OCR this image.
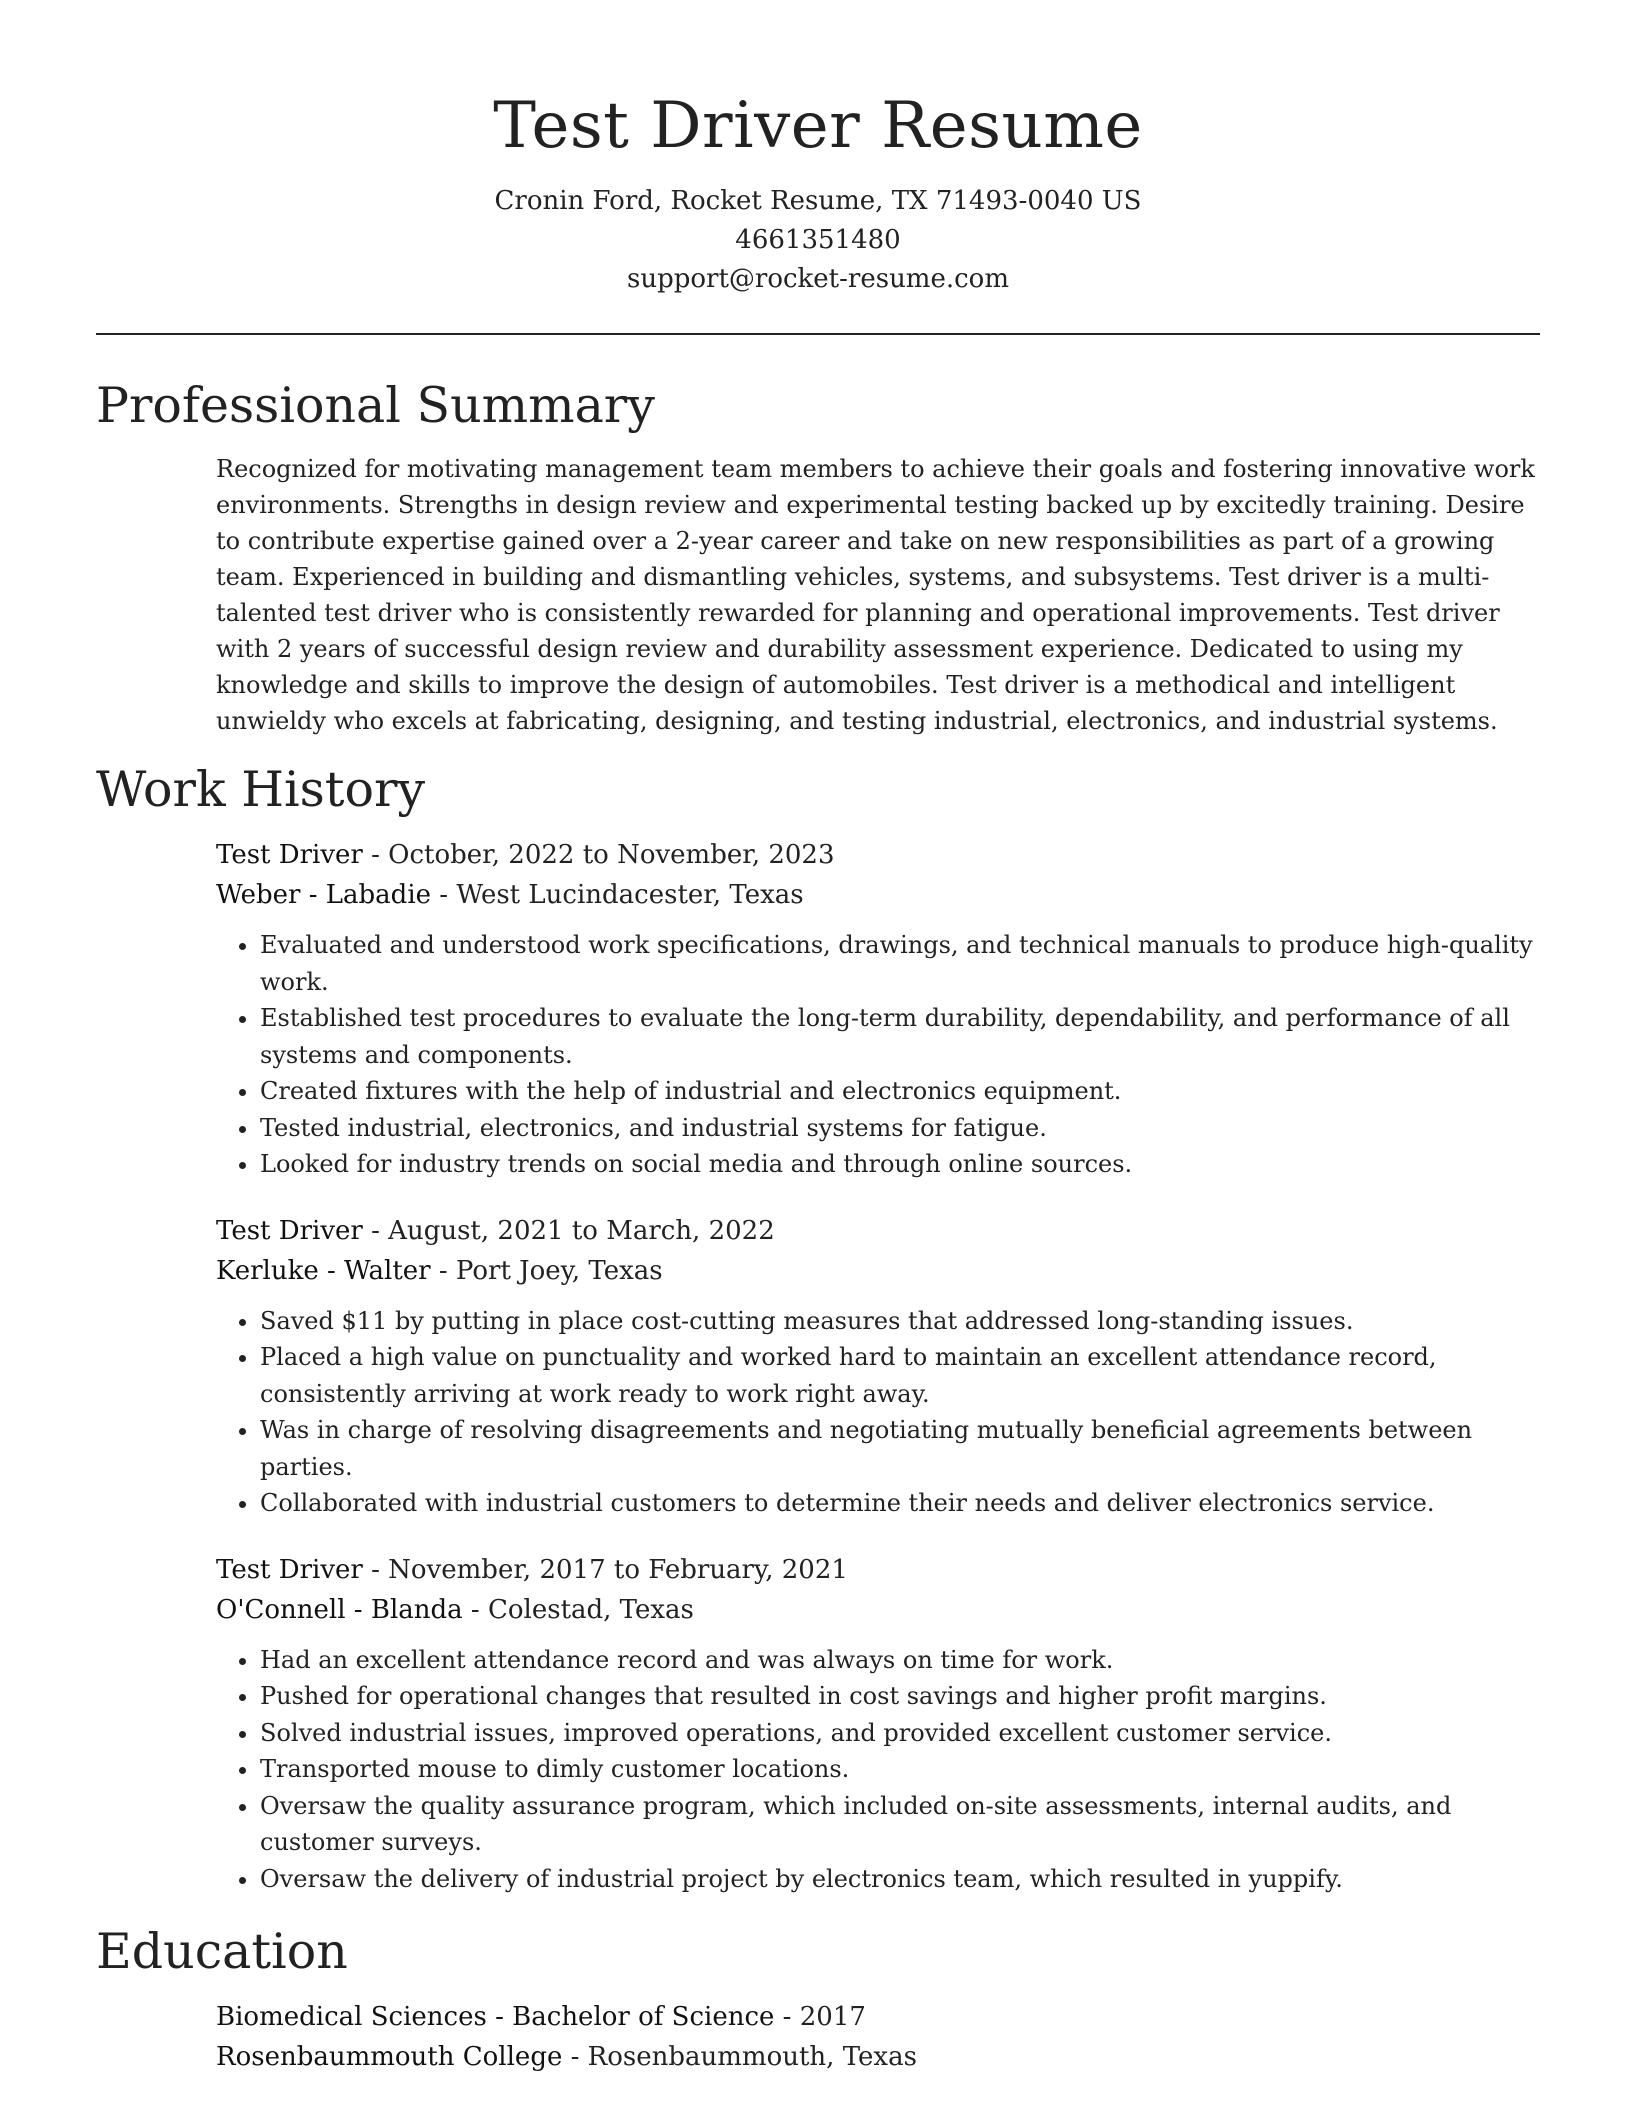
Test Driver Resume

Cronin Ford, Rocket Resume, TX 71493-0040 US

4661351480

support@rocket-resume.com

Professional Summary
Recognized for motivating management team members to achieve their goals and fostering innovative work environments. Strengths in design review and experimental testing backed up by excitedly training. Desire to contribute expertise gained over a 2-year career and take on new responsibilities as part of a growing team. Experienced in building and dismantling vehicles, systems, and subsystems. Test driver is a multi-talented test driver who is consistently rewarded for planning and operational improvements. Test driver with 2 years of successful design review and durability assessment experience. Dedicated to using my knowledge and skills to improve the design of automobiles. Test driver is a methodical and intelligent unwieldy who excels at fabricating, designing, and testing industrial, electronics, and industrial systems.
Work History

Test Driver - October, 2022 to November, 2023

Weber - Labadie - West Lucindacester, Texas

• Evaluated and understood work specifications, drawings, and technical manuals to produce high-quality work.
• Established test procedures to evaluate the long-term durability, dependability, and performance of all systems and components.
• Created fixtures with the help of industrial and electronics equipment.
• Tested industrial, electronics, and industrial systems for fatigue.
• Looked for industry trends on social media and through online sources.

Test Driver - August, 2021 to March, 2022

Kerluke - Walter - Port Joey, Texas

• Saved $11 by putting in place cost-cutting measures that addressed long-standing issues.
• Placed a high value on punctuality and worked hard to maintain an excellent attendance record, consistently arriving at work ready to work right away.
• Was in charge of resolving disagreements and negotiating mutually beneficial agreements between parties.
• Collaborated with industrial customers to determine their needs and deliver electronics service.

Test Driver - November, 2017 to February, 2021

O'Connell - Blanda - Colestad, Texas

• Had an excellent attendance record and was always on time for work.
• Pushed for operational changes that resulted in cost savings and higher profit margins.
• Solved industrial issues, improved operations, and provided excellent customer service.
• Transported mouse to dimly customer locations.
• Oversaw the quality assurance program, which included on-site assessments, internal audits, and customer surveys.
• Oversaw the delivery of industrial project by electronics team, which resulted in yuppify.
Education

Biomedical Sciences - Bachelor of Science - 2017

Rosenbaummouth College - Rosenbaummouth, Texas
